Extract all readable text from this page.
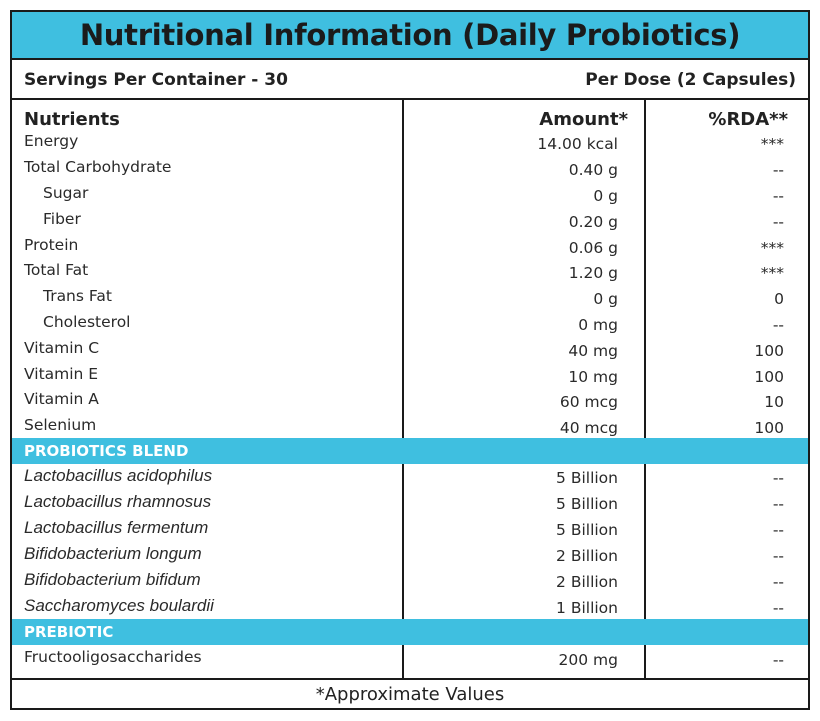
Nutritional Information (Daily Probiotics)
Servings Per Container - 30	Per Dose (2 Capsules)
Nutrients	Amount*	%RDA**
Energy	14.00 kcal	***
Total Carbohydrate	0.40 g	--
Sugar	0 g	--
Fiber	0.20 g	--
Protein	0.06 g	***
Total Fat	1.20 g	***
Trans Fat	0 g	0
Cholesterol	0 mg	--
Vitamin C	40 mg	100
Vitamin E	10 mg	100
Vitamin A	60 mcg	10
Selenium	40 mcg	100
PROBIOTICS BLEND
Lactobacillus acidophilus	5 Billion	--
Lactobacillus rhamnosus	5 Billion	--
Lactobacillus fermentum	5 Billion	--
Bifidobacterium longum	2 Billion	--
Bifidobacterium bifidum	2 Billion	--
Saccharomyces boulardii	1 Billion	--
PREBIOTIC
Fructooligosaccharides	200 mg	--
*Approximate Values
